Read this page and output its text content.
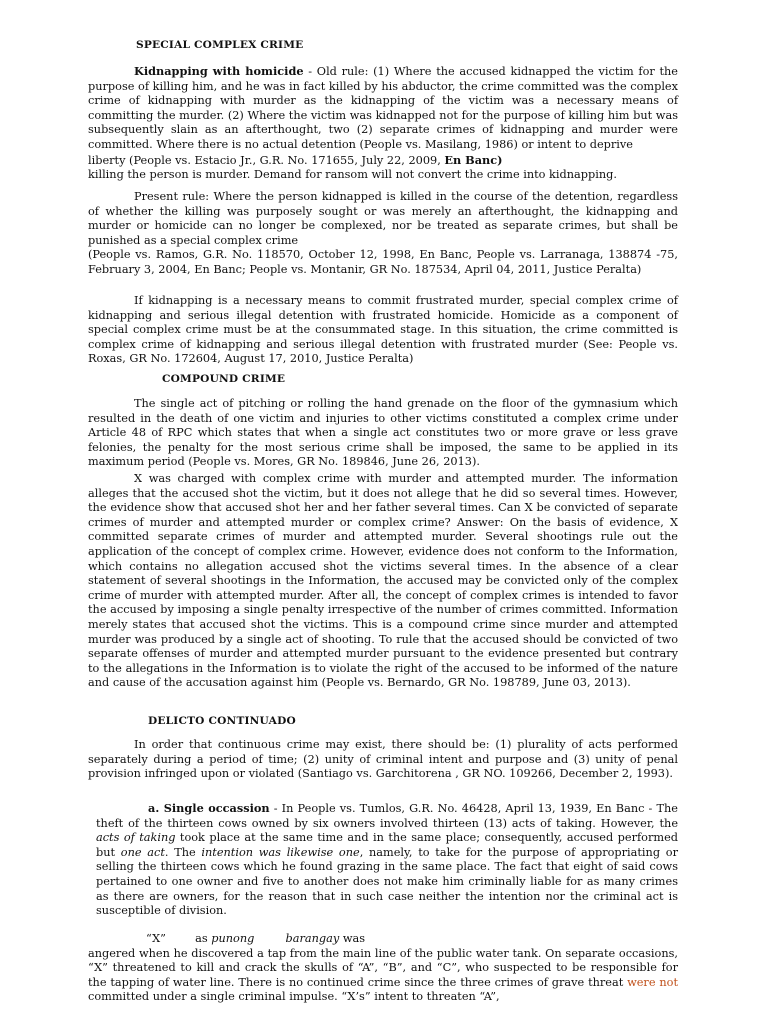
SPECIAL COMPLEX CRIME

Kidnapping with homicide - Old rule: (1) Where the accused kidnapped the victim for the purpose of killing him, and he was in fact killed by his abductor, the crime committed was the complex crime of kidnapping with murder as the kidnapping of the victim was a necessary means of committing the murder. (2) Where the victim was kidnapped not for the purpose of killing him but was subsequently slain as an afterthought, two (2) separate crimes of kidnapping and murder were committed. Where there is no actual detention (People vs. Masilang, 1986) or intent to deprive

liberty (People vs. Estacio Jr., G.R. No. 171655, July 22, 2009, En Banc)

killing the person is murder. Demand for ransom will not convert the crime into kidnapping.

Present rule: Where the person kidnapped is killed in the course of the detention, regardless of whether the killing was purposely sought or was merely an afterthought, the kidnapping and murder or homicide can no longer be complexed, nor be treated as separate crimes, but shall be punished as a special complex crime

(People vs. Ramos, G.R. No. 118570, October 12, 1998, En Banc, People vs. Larranaga, 138874 -75, February 3, 2004, En Banc; People vs. Montanir, GR No. 187534, April 04, 2011, Justice Peralta)

If kidnapping is a necessary means to commit frustrated murder, special complex crime of kidnapping and serious illegal detention with frustrated homicide. Homicide as a component of special complex crime must be at the consummated stage. In this situation, the crime committed is complex crime of kidnapping and serious illegal detention with frustrated murder (See: People vs. Roxas, GR No. 172604, August 17, 2010, Justice Peralta)

COMPOUND CRIME

The single act of pitching or rolling the hand grenade on the floor of the gymnasium which resulted in the death of one victim and injuries to other victims constituted a complex crime under Article 48 of RPC which states that when a single act constitutes two or more grave or less grave felonies, the penalty for the most serious crime shall be imposed, the same to be applied in its maximum period (People vs. Mores, GR No. 189846, June 26, 2013).

X was charged with complex crime with murder and attempted murder. The information alleges that the accused shot the victim, but it does not allege that he did so several times. However, the evidence show that accused shot her and her father several times. Can X be convicted of separate crimes of murder and attempted murder or complex crime? Answer: On the basis of evidence, X committed separate crimes of murder and attempted murder. Several shootings rule out the application of the concept of complex crime. However, evidence does not conform to the Information, which contains no allegation accused shot the victims several times. In the absence of a clear statement of several shootings in the Information, the accused may be convicted only of the complex crime of murder with attempted murder. After all, the concept of complex crimes is intended to favor the accused by imposing a single penalty irrespective of the number of crimes committed. Information merely states that accused shot the victims. This is a compound crime since murder and attempted murder was produced by a single act of shooting. To rule that the accused should be convicted of two separate offenses of murder and attempted murder pursuant to the evidence presented but contrary to the allegations in the Information is to violate the right of the accused to be informed of the nature and cause of the accusation against him (People vs. Bernardo, GR No. 198789, June 03, 2013).

DELICTO CONTINUADO

In order that continuous crime may exist, there should be: (1) plurality of acts performed separately during a period of time; (2) unity of criminal intent and purpose and (3) unity of penal provision infringed upon or violated (Santiago vs. Garchitorena , GR NO. 109266, December 2, 1993).

a. Single occassion - In People vs. Tumlos, G.R. No. 46428, April 13, 1939, En Banc - The theft of the thirteen cows owned by six owners involved thirteen (13) acts of taking. However, the acts of taking took place at the same time and in the same place; consequently, accused performed but one act. The intention was likewise one, namely, to take for the purpose of appropriating or selling the thirteen cows which he found grazing in the same place. The fact that eight of said cows pertained to one owner and five to another does not make him criminally liable for as many crimes as there are owners, for the reason that in such case neither the intention nor the criminal act is susceptible of division.

“X”	as punong	barangay was

angered when he discovered a tap from the main line of the public water tank. On separate occasions, “X” threatened to kill and crack the skulls of “A”, “B”, and “C”, who suspected to be responsible for the tapping of water line. There is no continued crime since the three crimes of grave threat were not committed under a single criminal impulse. “X’s” intent to threaten “A”,
